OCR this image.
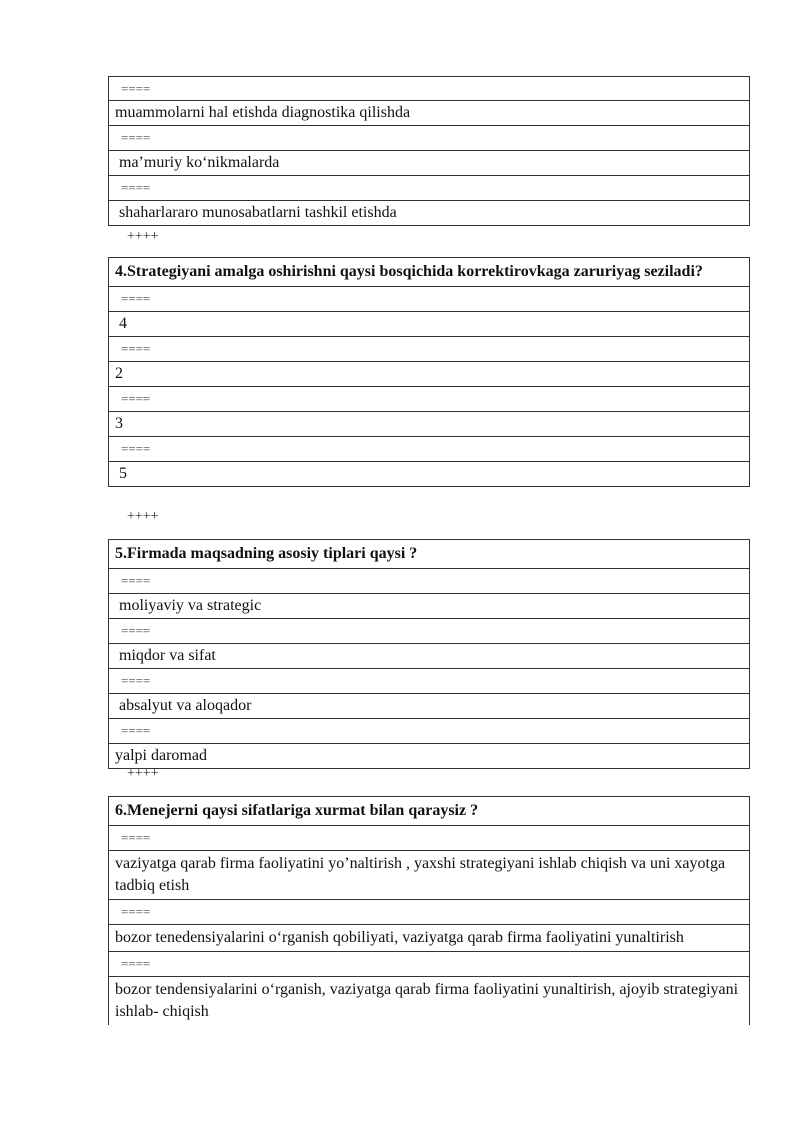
====
muammolarni hal etishda diagnostika qilishda
====
ma’muriy ko‘nikmalarda
====
shaharlararo munosabatlarni tashkil etishda
++++
4.Strategiyani amalga oshirishni qaysi bosqichida korrektirovkaga zaruriyag seziladi?
====
4
====
2
====
3
====
5
++++
5.Firmada maqsadning asosiy tiplari qaysi ?
====
moliyaviy va strategic
====
miqdor va sifat
====
absalyut va aloqador
====
yalpi daromad
++++
6.Menejerni qaysi sifatlariga xurmat bilan qaraysiz ?
====
vaziyatga qarab firma faoliyatini yo’naltirish , yaxshi strategiyani ishlab chiqish va uni xayotga tadbiq etish
====
bozor tenedensiyalarini o‘rganish qobiliyati, vaziyatga qarab firma faoliyatini yunaltirish
====
bozor tendensiyalarini o‘rganish, vaziyatga qarab firma faoliyatini yunaltirish, ajoyib strategiyani ishlab- chiqish
